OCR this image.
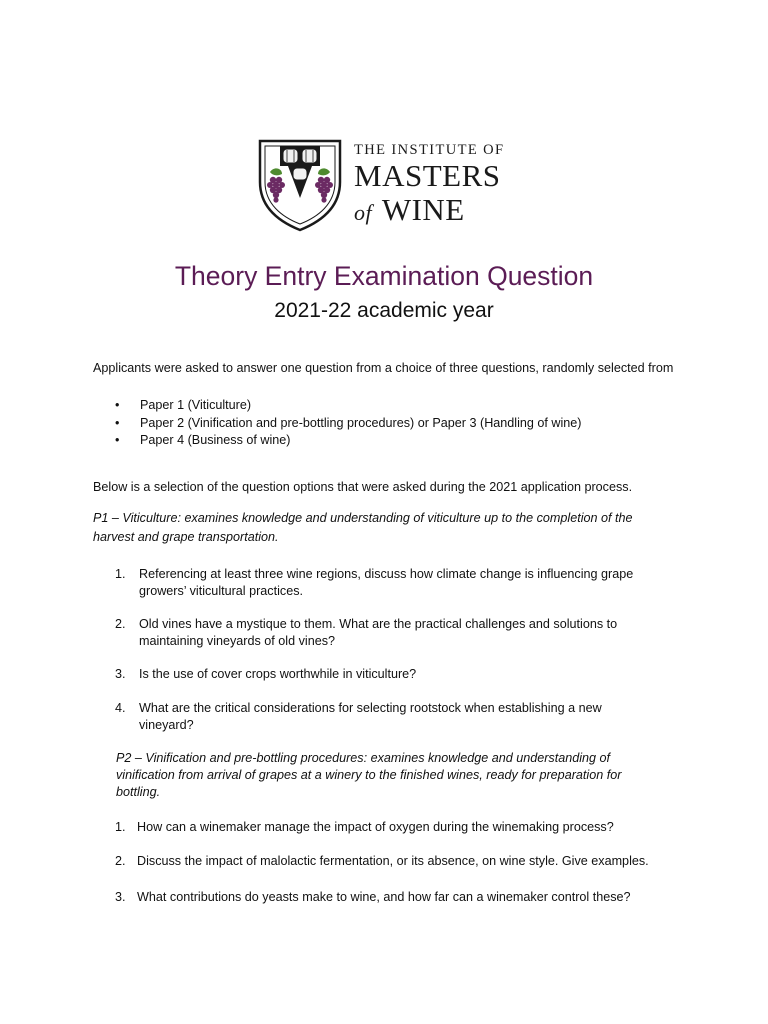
THE INSTITUTE OF
MASTERS
of WINE
Theory Entry Examination Question
2021-22 academic year
Applicants were asked to answer one question from a choice of three questions, randomly selected from
• Paper 1 (Viticulture)
• Paper 2 (Vinification and pre-bottling procedures) or Paper 3 (Handling of wine)
• Paper 4 (Business of wine)
Below is a selection of the question options that were asked during the 2021 application process.
P1 – Viticulture: examines knowledge and understanding of viticulture up to the completion of the harvest and grape transportation.
1. Referencing at least three wine regions, discuss how climate change is influencing grape growers’ viticultural practices.
2. Old vines have a mystique to them. What are the practical challenges and solutions to maintaining vineyards of old vines?
3. Is the use of cover crops worthwhile in viticulture?
4. What are the critical considerations for selecting rootstock when establishing a new vineyard?
P2 – Vinification and pre-bottling procedures: examines knowledge and understanding of vinification from arrival of grapes at a winery to the finished wines, ready for preparation for bottling.
1. How can a winemaker manage the impact of oxygen during the winemaking process?
2. Discuss the impact of malolactic fermentation, or its absence, on wine style. Give examples.
3. What contributions do yeasts make to wine, and how far can a winemaker control these?
